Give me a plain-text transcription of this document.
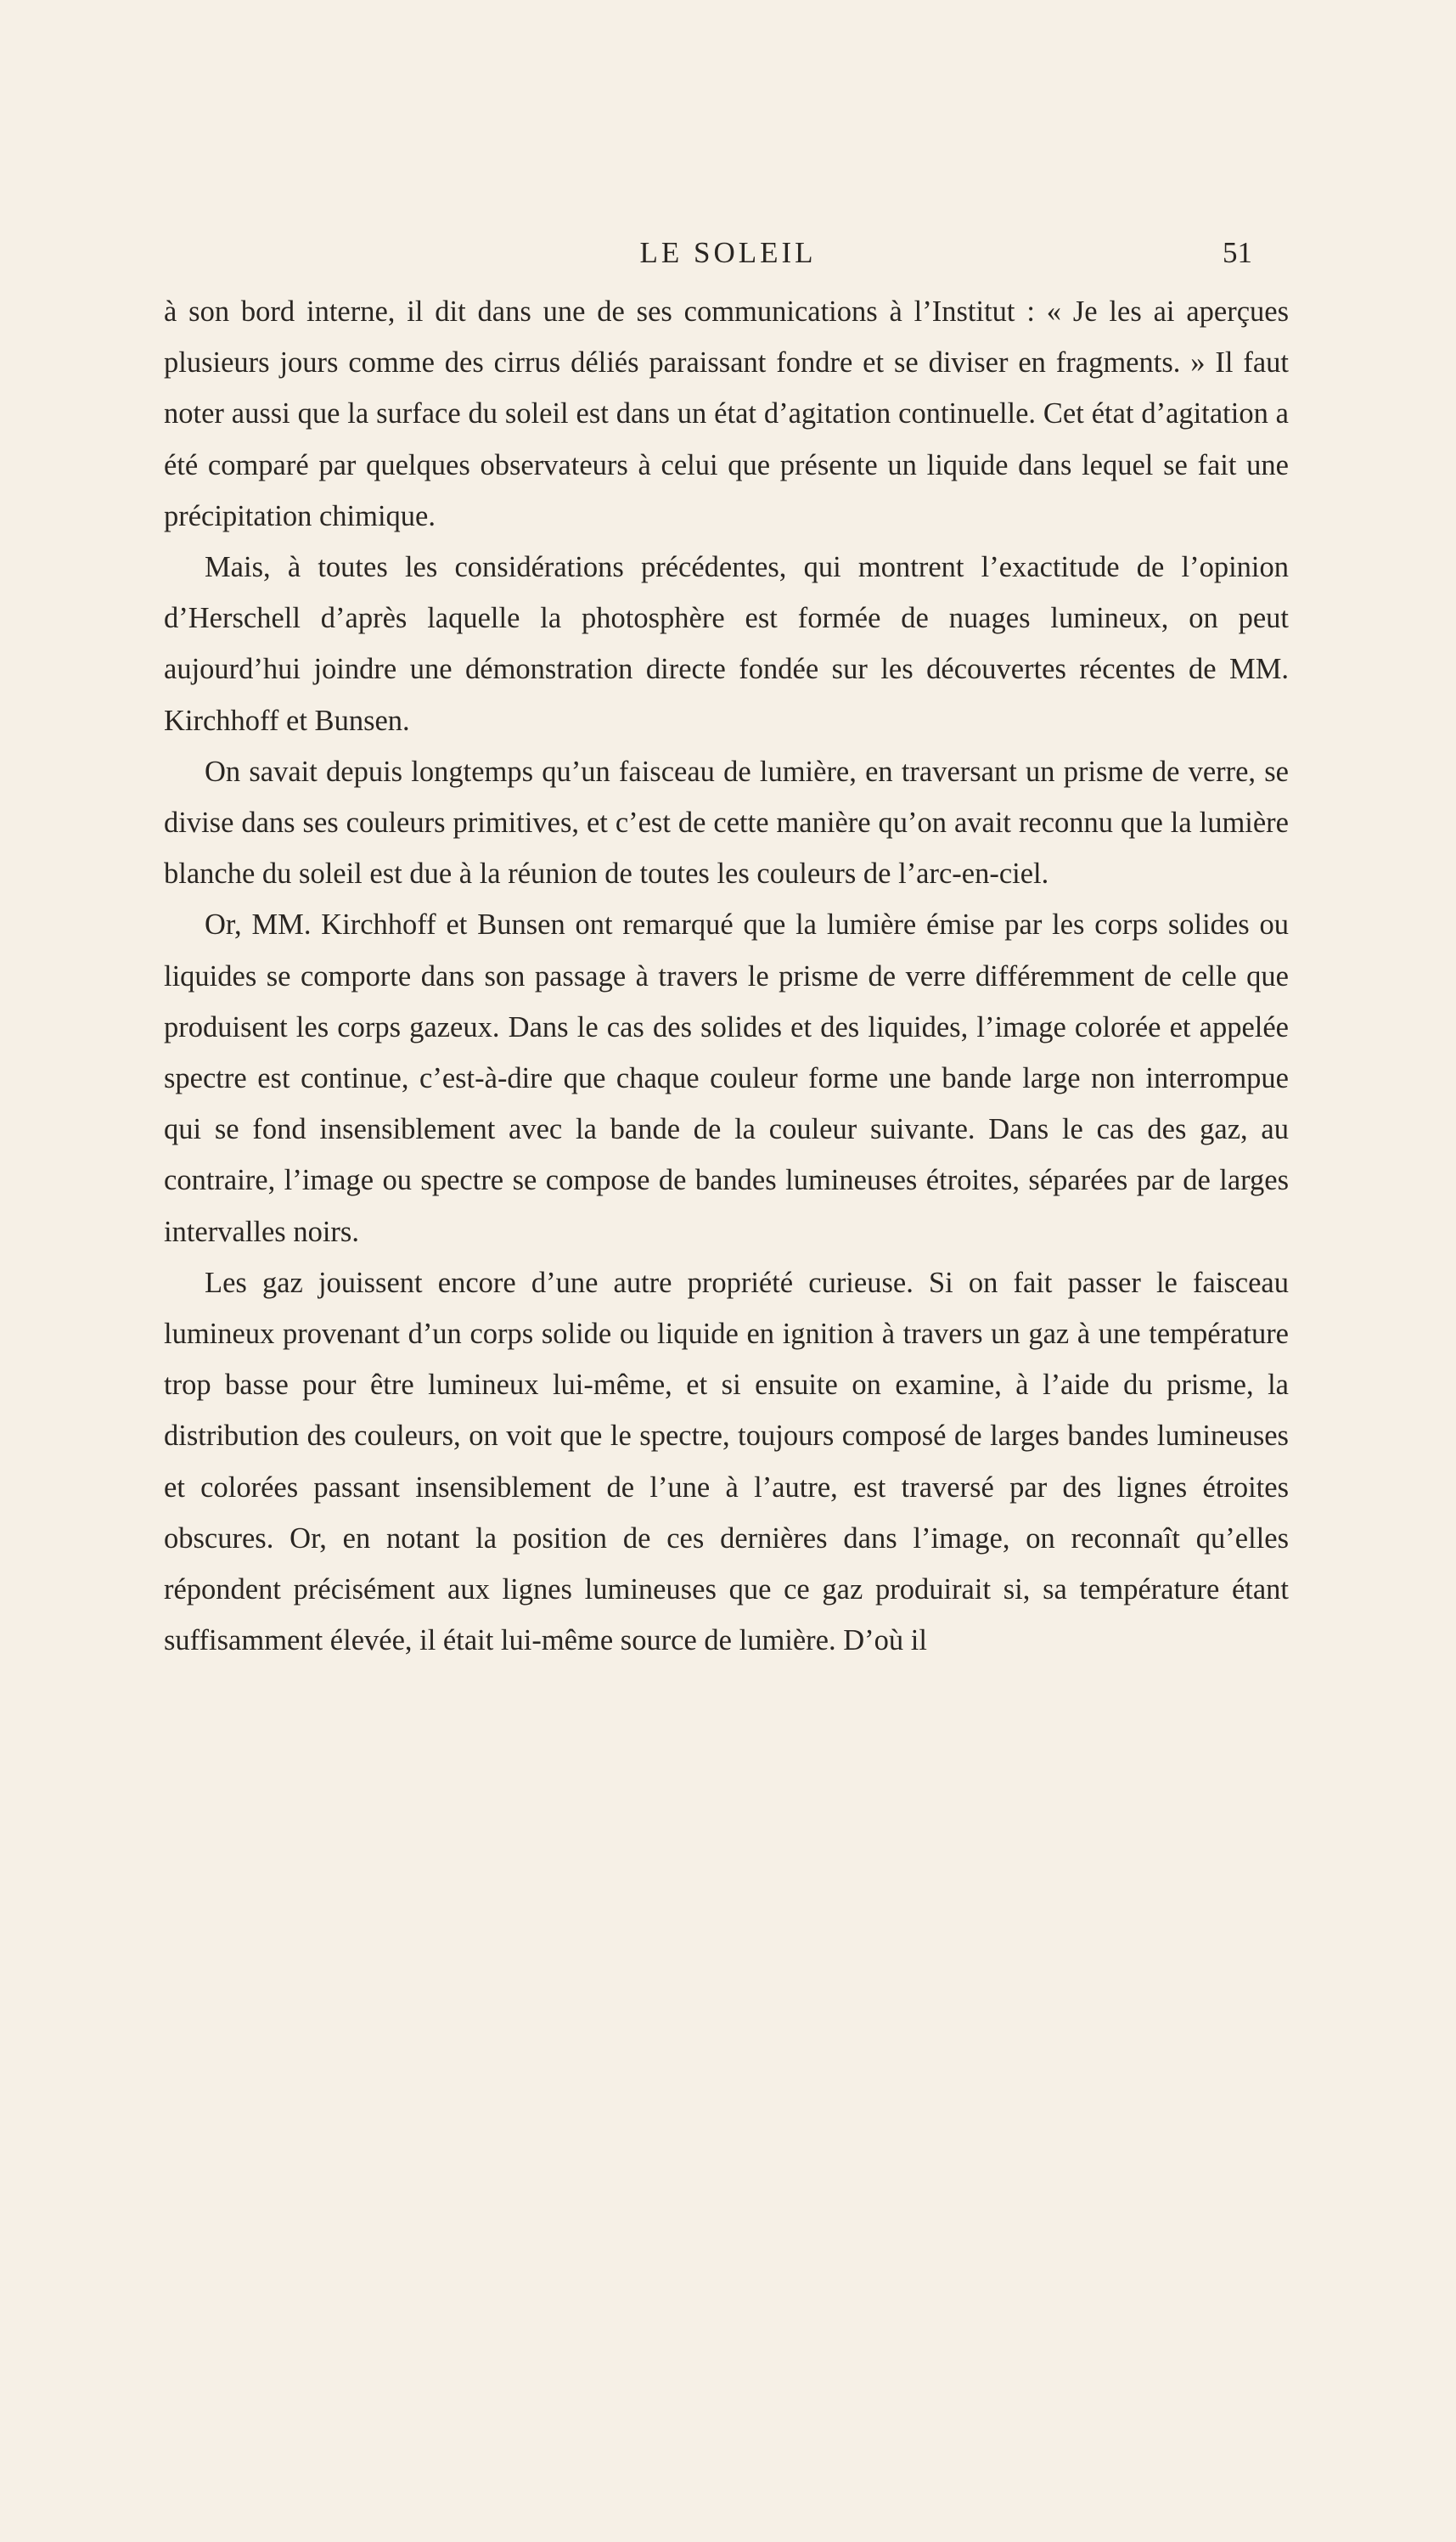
LE SOLEIL	51

à son bord interne, il dit dans une de ses communications à l’Institut : « Je les ai aperçues plusieurs jours comme des cirrus déliés paraissant fondre et se diviser en fragments. » Il faut noter aussi que la surface du soleil est dans un état d’agitation continuelle. Cet état d’agitation a été comparé par quelques observateurs à celui que présente un liquide dans lequel se fait une précipitation chimique.

Mais, à toutes les considérations précédentes, qui montrent l’exactitude de l’opinion d’Herschell d’après laquelle la photosphère est formée de nuages lumineux, on peut aujourd’hui joindre une démonstration directe fondée sur les découvertes récentes de MM. Kirchhoff et Bunsen.

On savait depuis longtemps qu’un faisceau de lumière, en traversant un prisme de verre, se divise dans ses couleurs primitives, et c’est de cette manière qu’on avait reconnu que la lumière blanche du soleil est due à la réunion de toutes les couleurs de l’arc-en-ciel.

Or, MM. Kirchhoff et Bunsen ont remarqué que la lumière émise par les corps solides ou liquides se comporte dans son passage à travers le prisme de verre différemment de celle que produisent les corps gazeux. Dans le cas des solides et des liquides, l’image colorée et appelée spectre est continue, c’est-à-dire que chaque couleur forme une bande large non interrompue qui se fond insensiblement avec la bande de la couleur suivante. Dans le cas des gaz, au contraire, l’image ou spectre se compose de bandes lumineuses étroites, séparées par de larges intervalles noirs.

Les gaz jouissent encore d’une autre propriété curieuse. Si on fait passer le faisceau lumineux provenant d’un corps solide ou liquide en ignition à travers un gaz à une température trop basse pour être lumineux lui-même, et si ensuite on examine, à l’aide du prisme, la distribution des couleurs, on voit que le spectre, toujours composé de larges bandes lumineuses et colorées passant insensiblement de l’une à l’autre, est traversé par des lignes étroites obscures. Or, en notant la position de ces dernières dans l’image, on reconnaît qu’elles répondent précisément aux lignes lumineuses que ce gaz produirait si, sa température étant suffisamment élevée, il était lui-même source de lumière. D’où il
